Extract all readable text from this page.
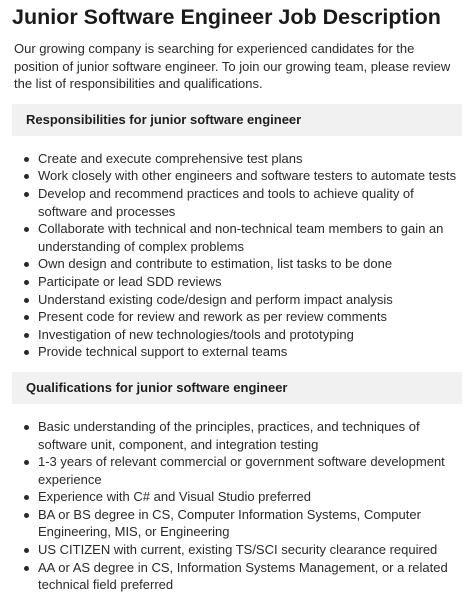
Junior Software Engineer Job Description

Our growing company is searching for experienced candidates for the position of junior software engineer. To join our growing team, please review the list of responsibilities and qualifications.

Responsibilities for junior software engineer
Create and execute comprehensive test plans
Work closely with other engineers and software testers to automate tests
Develop and recommend practices and tools to achieve quality of software and processes
Collaborate with technical and non-technical team members to gain an understanding of complex problems
Own design and contribute to estimation, list tasks to be done
Participate or lead SDD reviews
Understand existing code/design and perform impact analysis
Present code for review and rework as per review comments
Investigation of new technologies/tools and prototyping
Provide technical support to external teams
Qualifications for junior software engineer
Basic understanding of the principles, practices, and techniques of software unit, component, and integration testing
1-3 years of relevant commercial or government software development experience
Experience with C# and Visual Studio preferred
BA or BS degree in CS, Computer Information Systems, Computer Engineering, MIS, or Engineering
US CITIZEN with current, existing TS/SCI security clearance required
AA or AS degree in CS, Information Systems Management, or a related technical field preferred
